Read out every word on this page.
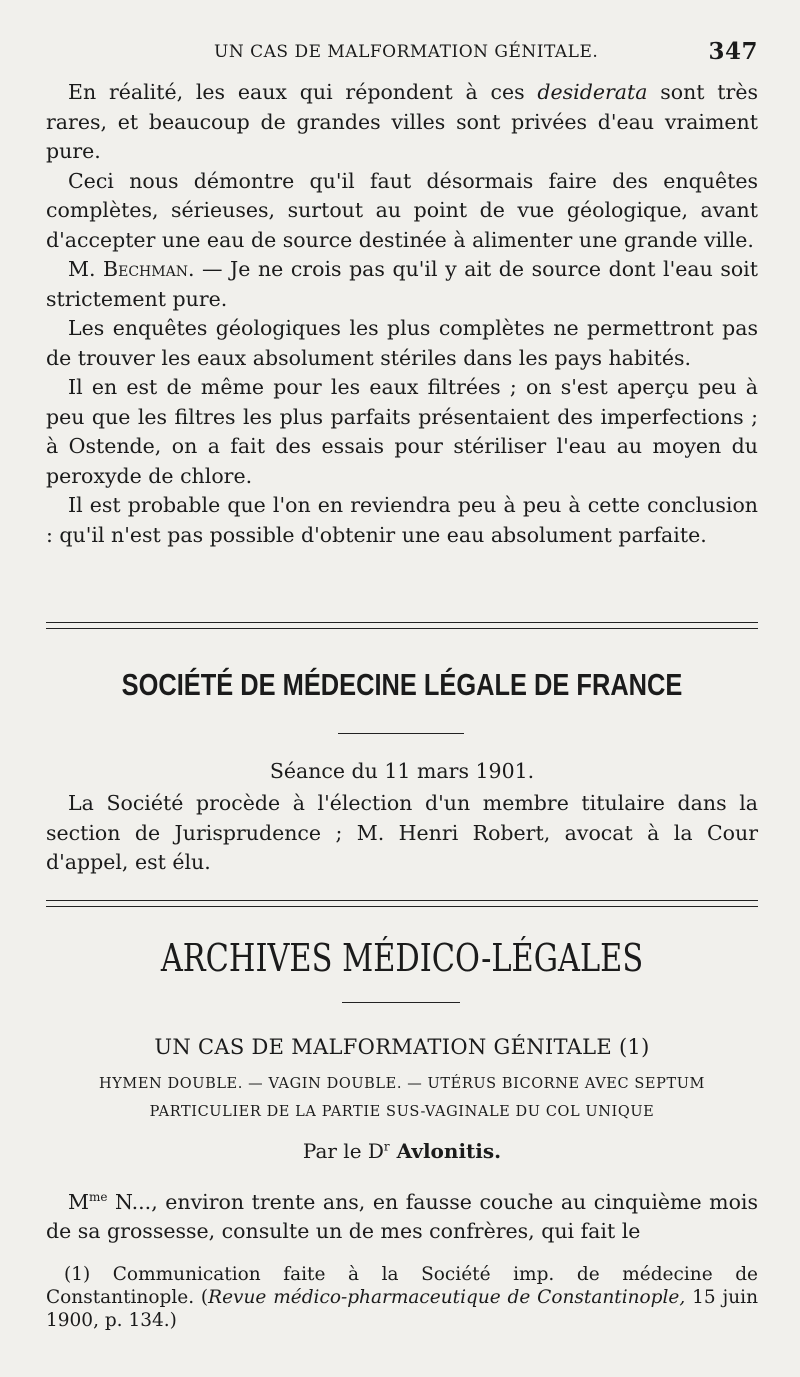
UN CAS DE MALFORMATION GÉNITALE.	347

En réalité, les eaux qui répondent à ces desiderata sont très rares, et beaucoup de grandes villes sont privées d'eau vraiment pure.

Ceci nous démontre qu'il faut désormais faire des enquêtes complètes, sérieuses, surtout au point de vue géologique, avant d'accepter une eau de source destinée à alimenter une grande ville.

M. Bechman. — Je ne crois pas qu'il y ait de source dont l'eau soit strictement pure.

Les enquêtes géologiques les plus complètes ne permettront pas de trouver les eaux absolument stériles dans les pays habités.

Il en est de même pour les eaux filtrées ; on s'est aperçu peu à peu que les filtres les plus parfaits présentaient des imperfections ; à Ostende, on a fait des essais pour stériliser l'eau au moyen du peroxyde de chlore.

Il est probable que l'on en reviendra peu à peu à cette conclusion : qu'il n'est pas possible d'obtenir une eau absolument parfaite.

SOCIÉTÉ DE MÉDECINE LÉGALE DE FRANCE
Séance du 11 mars 1901.

La Société procède à l'élection d'un membre titulaire dans la section de Jurisprudence ; M. Henri Robert, avocat à la Cour d'appel, est élu.

ARCHIVES MÉDICO-LÉGALES
UN CAS DE MALFORMATION GÉNITALE (1)
HYMEN DOUBLE. — VAGIN DOUBLE. — UTÉRUS BICORNE AVEC SEPTUM
PARTICULIER DE LA PARTIE SUS-VAGINALE DU COL UNIQUE
Par le $D^r$ Avlonitis.

$M^{me}$ N..., environ trente ans, en fausse couche au cinquième mois de sa grossesse, consulte un de mes confrères, qui fait le

(1) Communication faite à la Société imp. de médecine de Constantinople. (Revue médico-pharmaceutique de Constantinople, 15 juin 1900, p. 134.)
